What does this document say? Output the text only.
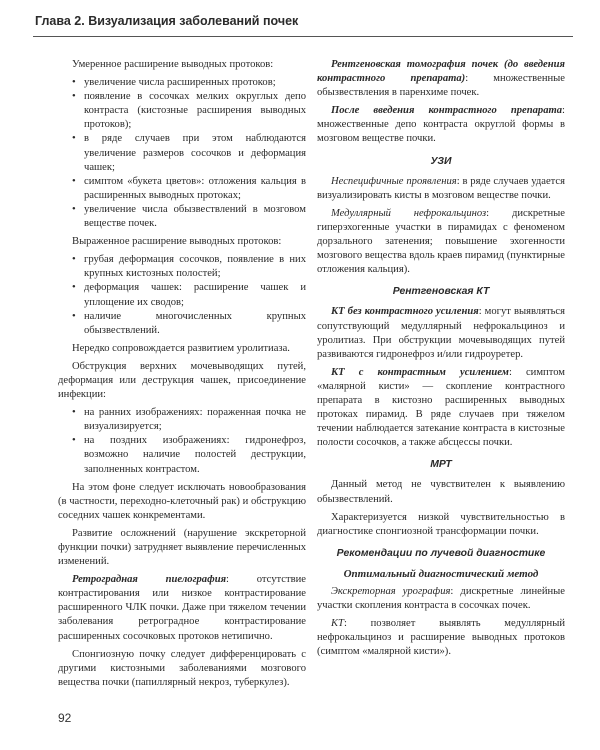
Глава 2. Визуализация заболеваний почек

Умеренное расширение выводных протоков:

• увеличение числа расширенных протоков;
• появление в сосочках мелких округлых депо контраста (кистозные расширения выводных протоков);
• в ряде случаев при этом наблюдаются увеличение размеров сосочков и деформация чашек;
• симптом «букета цветов»: отложения кальция в расширенных выводных протоках;
• увеличение числа обызвествлений в мозговом веществе почек.

Выраженное расширение выводных протоков:

• грубая деформация сосочков, появление в них крупных кистозных полостей;
• деформация чашек: расширение чашек и уплощение их сводов;
• наличие многочисленных крупных обызвествлений.

Нередко сопровождается развитием уролитиаза.

Обструкция верхних мочевыводящих путей, деформация или деструкция чашек, присоединение инфекции:

• на ранних изображениях: пораженная почка не визуализируется;
• на поздних изображениях: гидронефроз, возможно наличие полостей деструкции, заполненных контрастом.

На этом фоне следует исключать новообразования (в частности, переходно-клеточный рак) и обструкцию соседних чашек конкрементами.

Развитие осложнений (нарушение экскреторной функции почки) затрудняет выявление перечисленных изменений.

Ретроградная пиелография: отсутствие контрастирования или низкое контрастирование расширенного ЧЛК почки. Даже при тяжелом течении заболевания ретроградное контрастирование расширенных сосочковых протоков нетипично.

Спонгиозную почку следует дифференцировать с другими кистозными заболеваниями мозгового вещества почки (папиллярный некроз, туберкулез).

Рентгеновская томография почек (до введения контрастного препарата): множественные обызвествления в паренхиме почек.

После введения контрастного препарата: множественные депо контраста округлой формы в мозговом веществе почки.

УЗИ

Неспецифичные проявления: в ряде случаев удается визуализировать кисты в мозговом веществе почки.

Медуллярный нефрокальциноз: дискретные гиперэхогенные участки в пирамидах с феноменом дорзального затенения; повышение эхогенности мозгового вещества вдоль краев пирамид (пунктирные отложения кальция).

Рентгеновская КТ

КТ без контрастного усиления: могут выявляться сопутствующий медуллярный нефрокальциноз и уролитиаз. При обструкции мочевыводящих путей развиваются гидронефроз и/или гидроуретер.

КТ с контрастным усилением: симптом «малярной кисти» — скопление контрастного препарата в кистозно расширенных выводных протоках пирамид. В ряде случаев при тяжелом течении наблюдается затекание контраста в кистозные полости сосочков, а также абсцессы почки.

МРТ

Данный метод не чувствителен к выявлению обызвествлений.

Характеризуется низкой чувствительностью в диагностике спонгиозной трансформации почки.

Рекомендации по лучевой диагностике
Оптимальный диагностический метод

Экскреторная урография: дискретные линейные участки скопления контраста в сосочках почек.

КТ: позволяет выявлять медуллярный нефрокальциноз и расширение выводных протоков (симптом «малярной кисти»).

92
